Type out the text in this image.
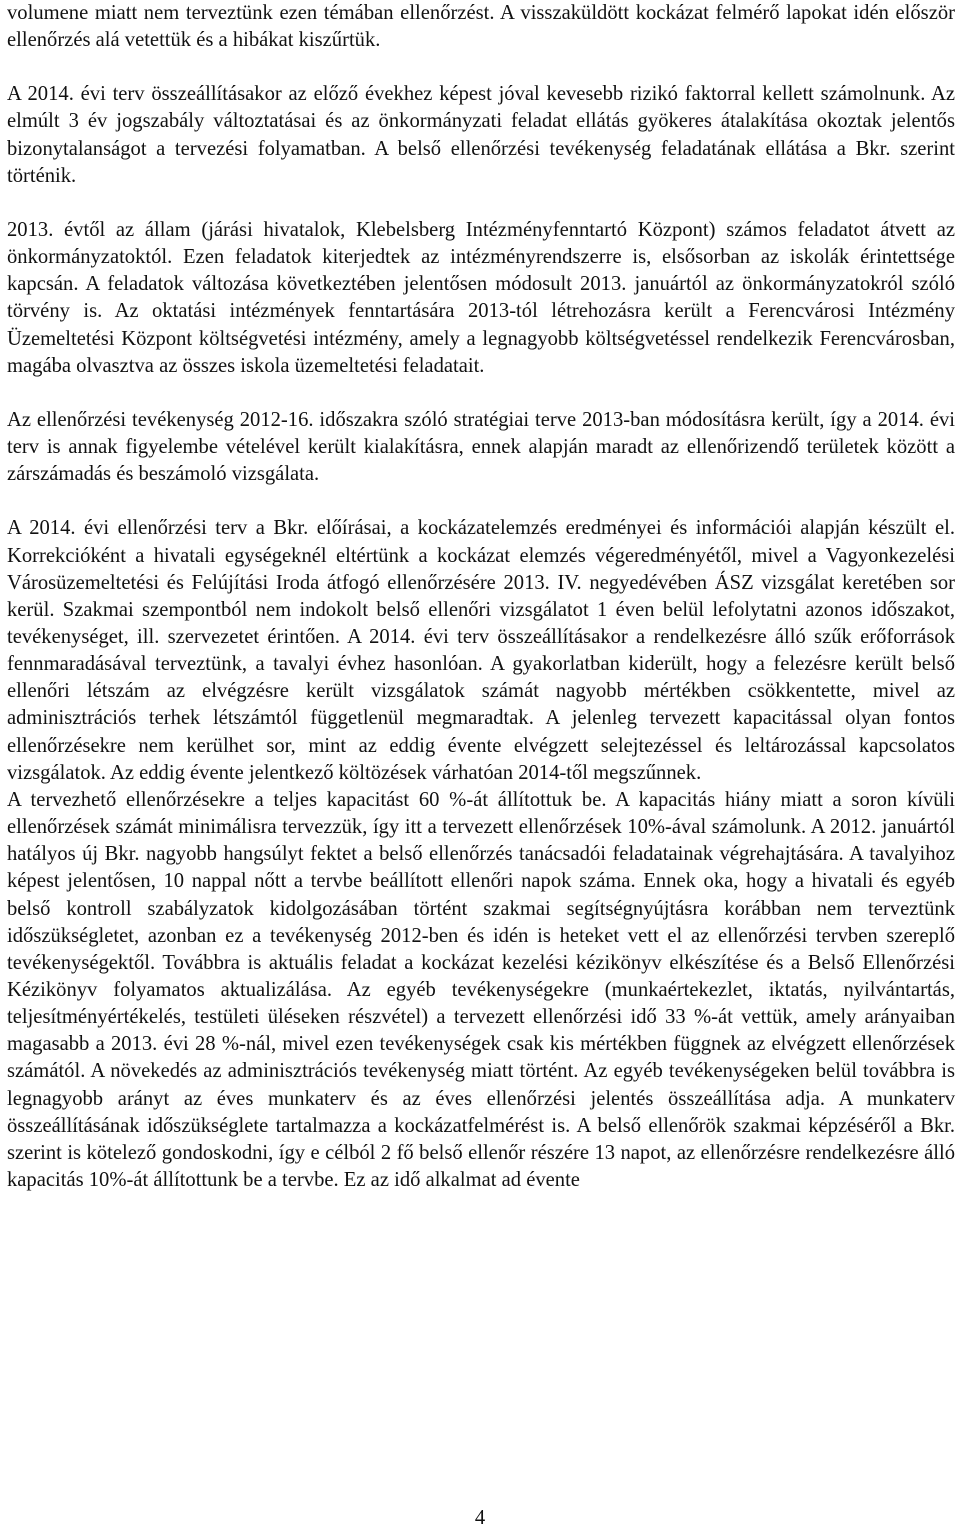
volumene miatt nem terveztünk ezen témában ellenőrzést. A visszaküldött kockázat felmérő lapokat idén először ellenőrzés alá vetettük és a hibákat kiszűrtük.

A 2014. évi terv összeállításakor az előző évekhez képest jóval kevesebb rizikó faktorral kellett számolnunk. Az elmúlt 3 év jogszabály változtatásai és az önkormányzati feladat ellátás gyökeres átalakítása okoztak jelentős bizonytalanságot a tervezési folyamatban. A belső ellenőrzési tevékenység feladatának ellátása a Bkr. szerint történik.

2013. évtől az állam (járási hivatalok, Klebelsberg Intézményfenntartó Központ) számos feladatot átvett az önkormányzatoktól. Ezen feladatok kiterjedtek az intézményrendszerre is, elsősorban az iskolák érintettsége kapcsán. A feladatok változása következtében jelentősen módosult 2013. januártól az önkormányzatokról szóló törvény is. Az oktatási intézmények fenntartására 2013-tól létrehozásra került a Ferencvárosi Intézmény Üzemeltetési Központ költségvetési intézmény, amely a legnagyobb költségvetéssel rendelkezik Ferencvárosban, magába olvasztva az összes iskola üzemeltetési feladatait.

Az ellenőrzési tevékenység 2012-16. időszakra szóló stratégiai terve 2013-ban módosításra került, így a 2014. évi terv is annak figyelembe vételével került kialakításra, ennek alapján maradt az ellenőrizendő területek között a zárszámadás és beszámoló vizsgálata.

A 2014. évi ellenőrzési terv a Bkr. előírásai, a kockázatelemzés eredményei és információi alapján készült el. Korrekcióként a hivatali egységeknél eltértünk a kockázat elemzés végeredményétől, mivel a Vagyonkezelési Városüzemeltetési és Felújítási Iroda átfogó ellenőrzésére 2013. IV. negyedévében ÁSZ vizsgálat keretében sor kerül. Szakmai szempontból nem indokolt belső ellenőri vizsgálatot 1 éven belül lefolytatni azonos időszakot, tevékenységet, ill. szervezetet érintően. A 2014. évi terv összeállításakor a rendelkezésre álló szűk erőforrások fennmaradásával terveztünk, a tavalyi évhez hasonlóan. A gyakorlatban kiderült, hogy a felezésre került belső ellenőri létszám az elvégzésre került vizsgálatok számát nagyobb mértékben csökkentette, mivel az adminisztrációs terhek létszámtól függetlenül megmaradtak. A jelenleg tervezett kapacitással olyan fontos ellenőrzésekre nem kerülhet sor, mint az eddig évente elvégzett selejtezéssel és leltározással kapcsolatos vizsgálatok. Az eddig évente jelentkező költözések várhatóan 2014-től megszűnnek.

A tervezhető ellenőrzésekre a teljes kapacitást 60 %-át állítottuk be. A kapacitás hiány miatt a soron kívüli ellenőrzések számát minimálisra tervezzük, így itt a tervezett ellenőrzések 10%-ával számolunk. A 2012. januártól hatályos új Bkr. nagyobb hangsúlyt fektet a belső ellenőrzés tanácsadói feladatainak végrehajtására. A tavalyihoz képest jelentősen, 10 nappal nőtt a tervbe beállított ellenőri napok száma. Ennek oka, hogy a hivatali és egyéb belső kontroll szabályzatok kidolgozásában történt szakmai segítségnyújtásra korábban nem terveztünk időszükségletet, azonban ez a tevékenység 2012-ben és idén is heteket vett el az ellenőrzési tervben szereplő tevékenységektől. Továbbra is aktuális feladat a kockázat kezelési kézikönyv elkészítése és a Belső Ellenőrzési Kézikönyv folyamatos aktualizálása. Az egyéb tevékenységekre (munkaértekezlet, iktatás, nyilvántartás, teljesítményértékelés, testületi üléseken részvétel) a tervezett ellenőrzési idő 33 %-át vettük, amely arányaiban magasabb a 2013. évi 28 %-nál, mivel ezen tevékenységek csak kis mértékben függnek az elvégzett ellenőrzések számától. A növekedés az adminisztrációs tevékenység miatt történt. Az egyéb tevékenységeken belül továbbra is legnagyobb arányt az éves munkaterv és az éves ellenőrzési jelentés összeállítása adja. A munkaterv összeállításának időszükséglete tartalmazza a kockázatfelmérést is. A belső ellenőrök szakmai képzéséről a Bkr. szerint is kötelező gondoskodni, így e célból 2 fő belső ellenőr részére 13 napot, az ellenőrzésre rendelkezésre álló kapacitás 10%-át állítottunk be a tervbe. Ez az idő alkalmat ad évente

4
